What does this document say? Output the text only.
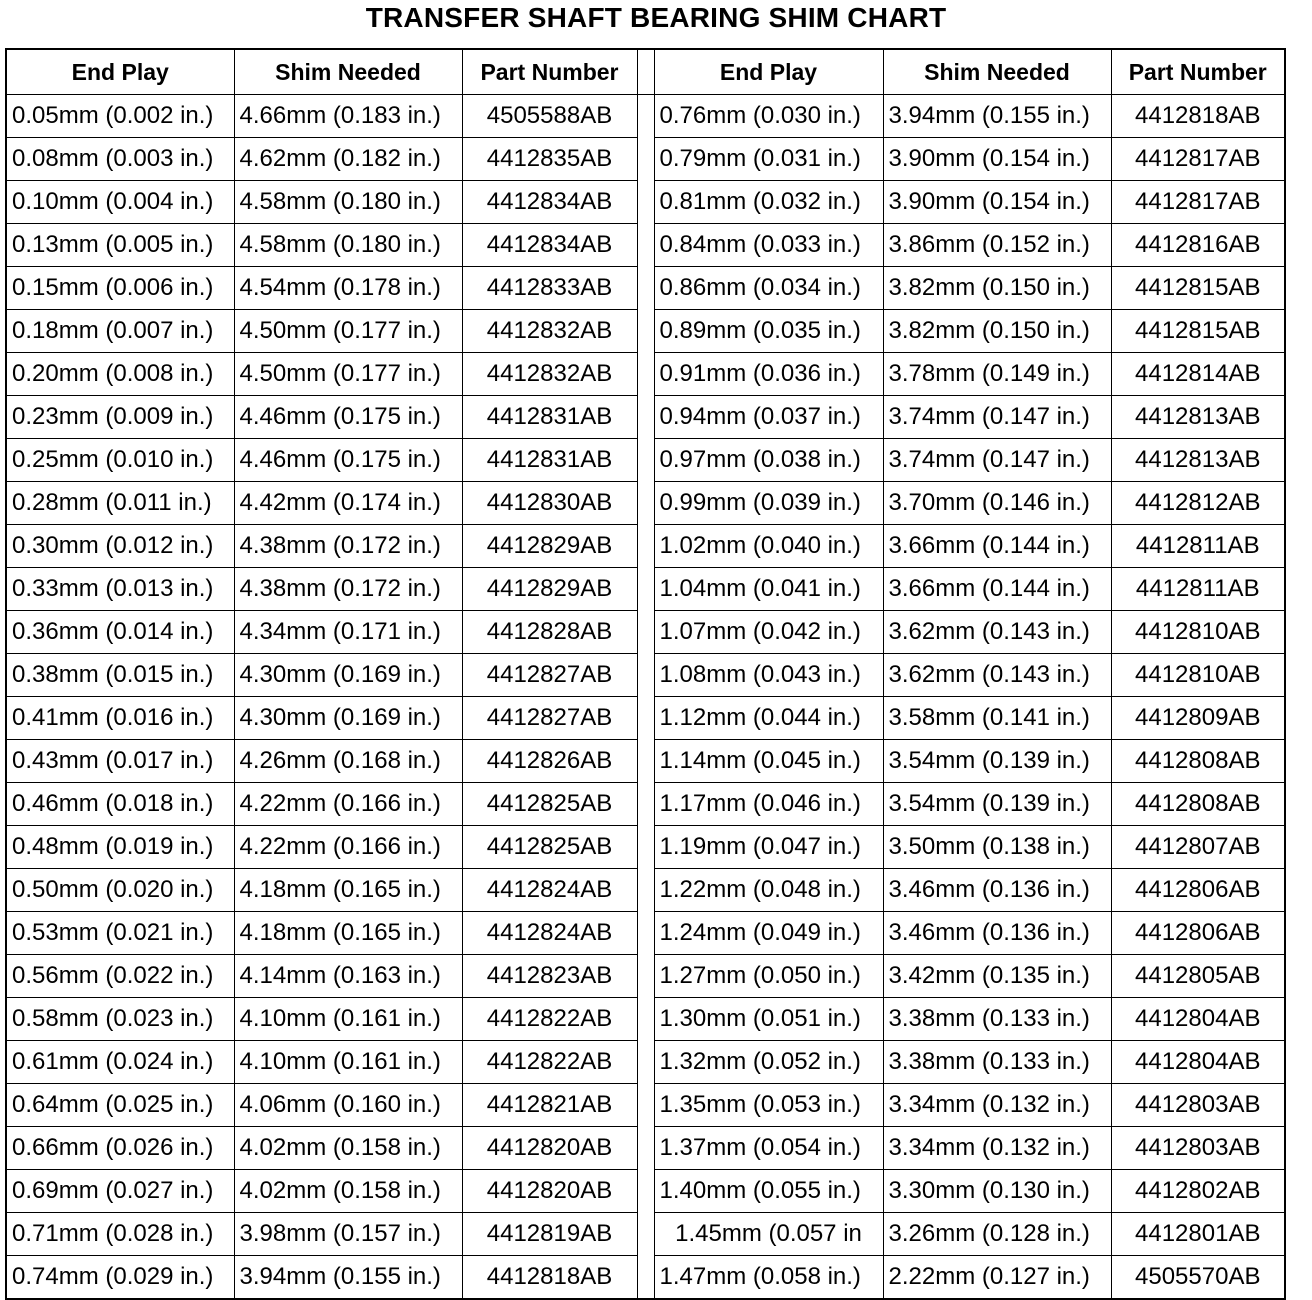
TRANSFER SHAFT BEARING SHIM CHART
End Play	Shim Needed	Part Number		End Play	Shim Needed	Part Number
0.05mm (0.002 in.)	4.66mm (0.183 in.)	4505588AB		0.76mm (0.030 in.)	3.94mm (0.155 in.)	4412818AB
0.08mm (0.003 in.)	4.62mm (0.182 in.)	4412835AB		0.79mm (0.031 in.)	3.90mm (0.154 in.)	4412817AB
0.10mm (0.004 in.)	4.58mm (0.180 in.)	4412834AB		0.81mm (0.032 in.)	3.90mm (0.154 in.)	4412817AB
0.13mm (0.005 in.)	4.58mm (0.180 in.)	4412834AB		0.84mm (0.033 in.)	3.86mm (0.152 in.)	4412816AB
0.15mm (0.006 in.)	4.54mm (0.178 in.)	4412833AB		0.86mm (0.034 in.)	3.82mm (0.150 in.)	4412815AB
0.18mm (0.007 in.)	4.50mm (0.177 in.)	4412832AB		0.89mm (0.035 in.)	3.82mm (0.150 in.)	4412815AB
0.20mm (0.008 in.)	4.50mm (0.177 in.)	4412832AB		0.91mm (0.036 in.)	3.78mm (0.149 in.)	4412814AB
0.23mm (0.009 in.)	4.46mm (0.175 in.)	4412831AB		0.94mm (0.037 in.)	3.74mm (0.147 in.)	4412813AB
0.25mm (0.010 in.)	4.46mm (0.175 in.)	4412831AB		0.97mm (0.038 in.)	3.74mm (0.147 in.)	4412813AB
0.28mm (0.011 in.)	4.42mm (0.174 in.)	4412830AB		0.99mm (0.039 in.)	3.70mm (0.146 in.)	4412812AB
0.30mm (0.012 in.)	4.38mm (0.172 in.)	4412829AB		1.02mm (0.040 in.)	3.66mm (0.144 in.)	4412811AB
0.33mm (0.013 in.)	4.38mm (0.172 in.)	4412829AB		1.04mm (0.041 in.)	3.66mm (0.144 in.)	4412811AB
0.36mm (0.014 in.)	4.34mm (0.171 in.)	4412828AB		1.07mm (0.042 in.)	3.62mm (0.143 in.)	4412810AB
0.38mm (0.015 in.)	4.30mm (0.169 in.)	4412827AB		1.08mm (0.043 in.)	3.62mm (0.143 in.)	4412810AB
0.41mm (0.016 in.)	4.30mm (0.169 in.)	4412827AB		1.12mm (0.044 in.)	3.58mm (0.141 in.)	4412809AB
0.43mm (0.017 in.)	4.26mm (0.168 in.)	4412826AB		1.14mm (0.045 in.)	3.54mm (0.139 in.)	4412808AB
0.46mm (0.018 in.)	4.22mm (0.166 in.)	4412825AB		1.17mm (0.046 in.)	3.54mm (0.139 in.)	4412808AB
0.48mm (0.019 in.)	4.22mm (0.166 in.)	4412825AB		1.19mm (0.047 in.)	3.50mm (0.138 in.)	4412807AB
0.50mm (0.020 in.)	4.18mm (0.165 in.)	4412824AB		1.22mm (0.048 in.)	3.46mm (0.136 in.)	4412806AB
0.53mm (0.021 in.)	4.18mm (0.165 in.)	4412824AB		1.24mm (0.049 in.)	3.46mm (0.136 in.)	4412806AB
0.56mm (0.022 in.)	4.14mm (0.163 in.)	4412823AB		1.27mm (0.050 in.)	3.42mm (0.135 in.)	4412805AB
0.58mm (0.023 in.)	4.10mm (0.161 in.)	4412822AB		1.30mm (0.051 in.)	3.38mm (0.133 in.)	4412804AB
0.61mm (0.024 in.)	4.10mm (0.161 in.)	4412822AB		1.32mm (0.052 in.)	3.38mm (0.133 in.)	4412804AB
0.64mm (0.025 in.)	4.06mm (0.160 in.)	4412821AB		1.35mm (0.053 in.)	3.34mm (0.132 in.)	4412803AB
0.66mm (0.026 in.)	4.02mm (0.158 in.)	4412820AB		1.37mm (0.054 in.)	3.34mm (0.132 in.)	4412803AB
0.69mm (0.027 in.)	4.02mm (0.158 in.)	4412820AB		1.40mm (0.055 in.)	3.30mm (0.130 in.)	4412802AB
0.71mm (0.028 in.)	3.98mm (0.157 in.)	4412819AB		1.45mm (0.057 in	3.26mm (0.128 in.)	4412801AB
0.74mm (0.029 in.)	3.94mm (0.155 in.)	4412818AB		1.47mm (0.058 in.)	2.22mm (0.127 in.)	4505570AB
